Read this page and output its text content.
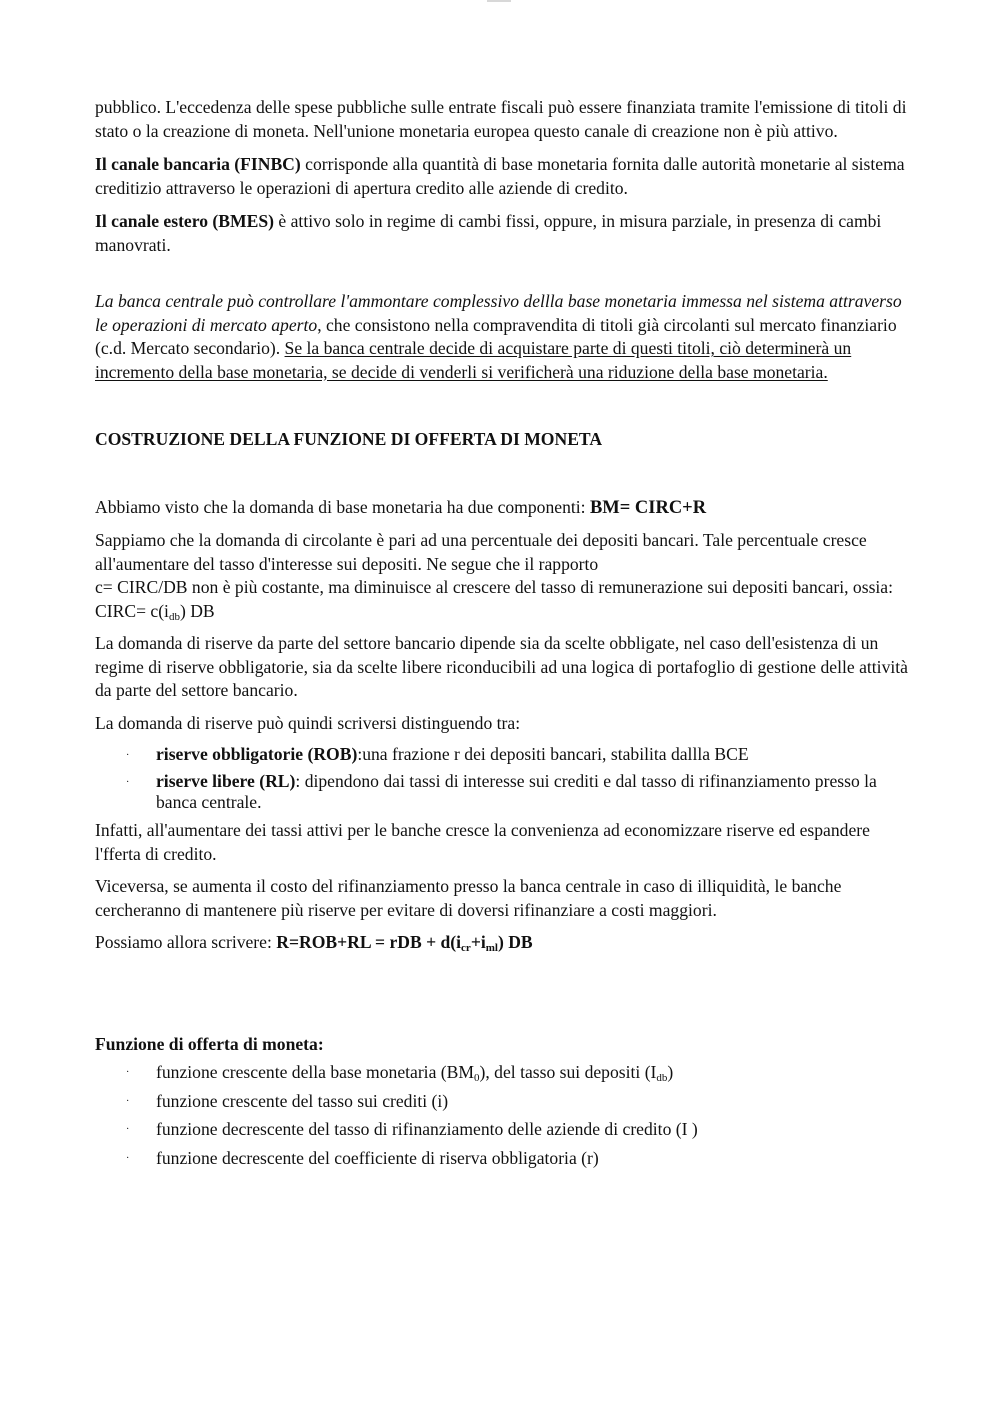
pubblico. L'eccedenza delle spese pubbliche sulle entrate fiscali può essere finanziata tramite l'emissione di titoli di stato o la creazione di moneta. Nell'unione monetaria europea questo canale di creazione non è più attivo.

Il canale bancaria (FINBC) corrisponde alla quantità di base monetaria fornita dalle autorità monetarie al sistema creditizio attraverso le operazioni di apertura credito alle aziende di credito.

Il canale estero (BMES) è attivo solo in regime di cambi fissi, oppure, in misura parziale, in presenza di cambi manovrati.

La banca centrale può controllare l'ammontare complessivo dellla base monetaria immessa nel sistema attraverso le operazioni di mercato aperto, che consistono nella compravendita di titoli già circolanti sul mercato finanziario (c.d. Mercato secondario). Se la banca centrale decide di acquistare parte di questi titoli, ciò determinerà un incremento della base monetaria, se decide di venderli si verificherà una riduzione della base monetaria.

COSTRUZIONE DELLA FUNZIONE DI OFFERTA DI MONETA

Abbiamo visto che la domanda di base monetaria ha due componenti: BM= CIRC+R

Sappiamo che la domanda di circolante è pari ad una percentuale dei depositi bancari. Tale percentuale cresce all'aumentare del tasso d'interesse sui depositi. Ne segue che il rapporto
c= CIRC/DB non è più costante, ma diminuisce al crescere del tasso di remunerazione sui depositi bancari, ossia: CIRC= $c(i_{db})$ DB

La domanda di riserve da parte del settore bancario dipende sia da scelte obbligate, nel caso dell'esistenza di un regime di riserve obbligatorie, sia da scelte libere riconducibili ad una logica di portafoglio di gestione delle attività da parte del settore bancario.

La domanda di riserve può quindi scriversi distinguendo tra:

· riserve obbligatorie (ROB):una frazione r dei depositi bancari, stabilita dallla BCE
· riserve libere (RL): dipendono dai tassi di interesse sui crediti e dal tasso di rifinanziamento presso la banca centrale.

Infatti, all'aumentare dei tassi attivi per le banche cresce la convenienza ad economizzare riserve ed espandere l'fferta di credito.

Viceversa, se aumenta il costo del rifinanziamento presso la banca centrale in caso di illiquidità, le banche cercheranno di mantenere più riserve per evitare di doversi rifinanziare a costi maggiori.

Possiamo allora scrivere: R=ROB+RL = rDB + $d(i_{cr}+i_{ml})$ DB

Funzione di offerta di moneta:

· funzione crescente della base monetaria $(BM_0)$, del tasso sui depositi $(I_{db})$
· funzione crescente del tasso sui crediti (i)
· funzione decrescente del tasso di rifinanziamento delle aziende di credito (I )
· funzione decrescente del coefficiente di riserva obbligatoria (r)
